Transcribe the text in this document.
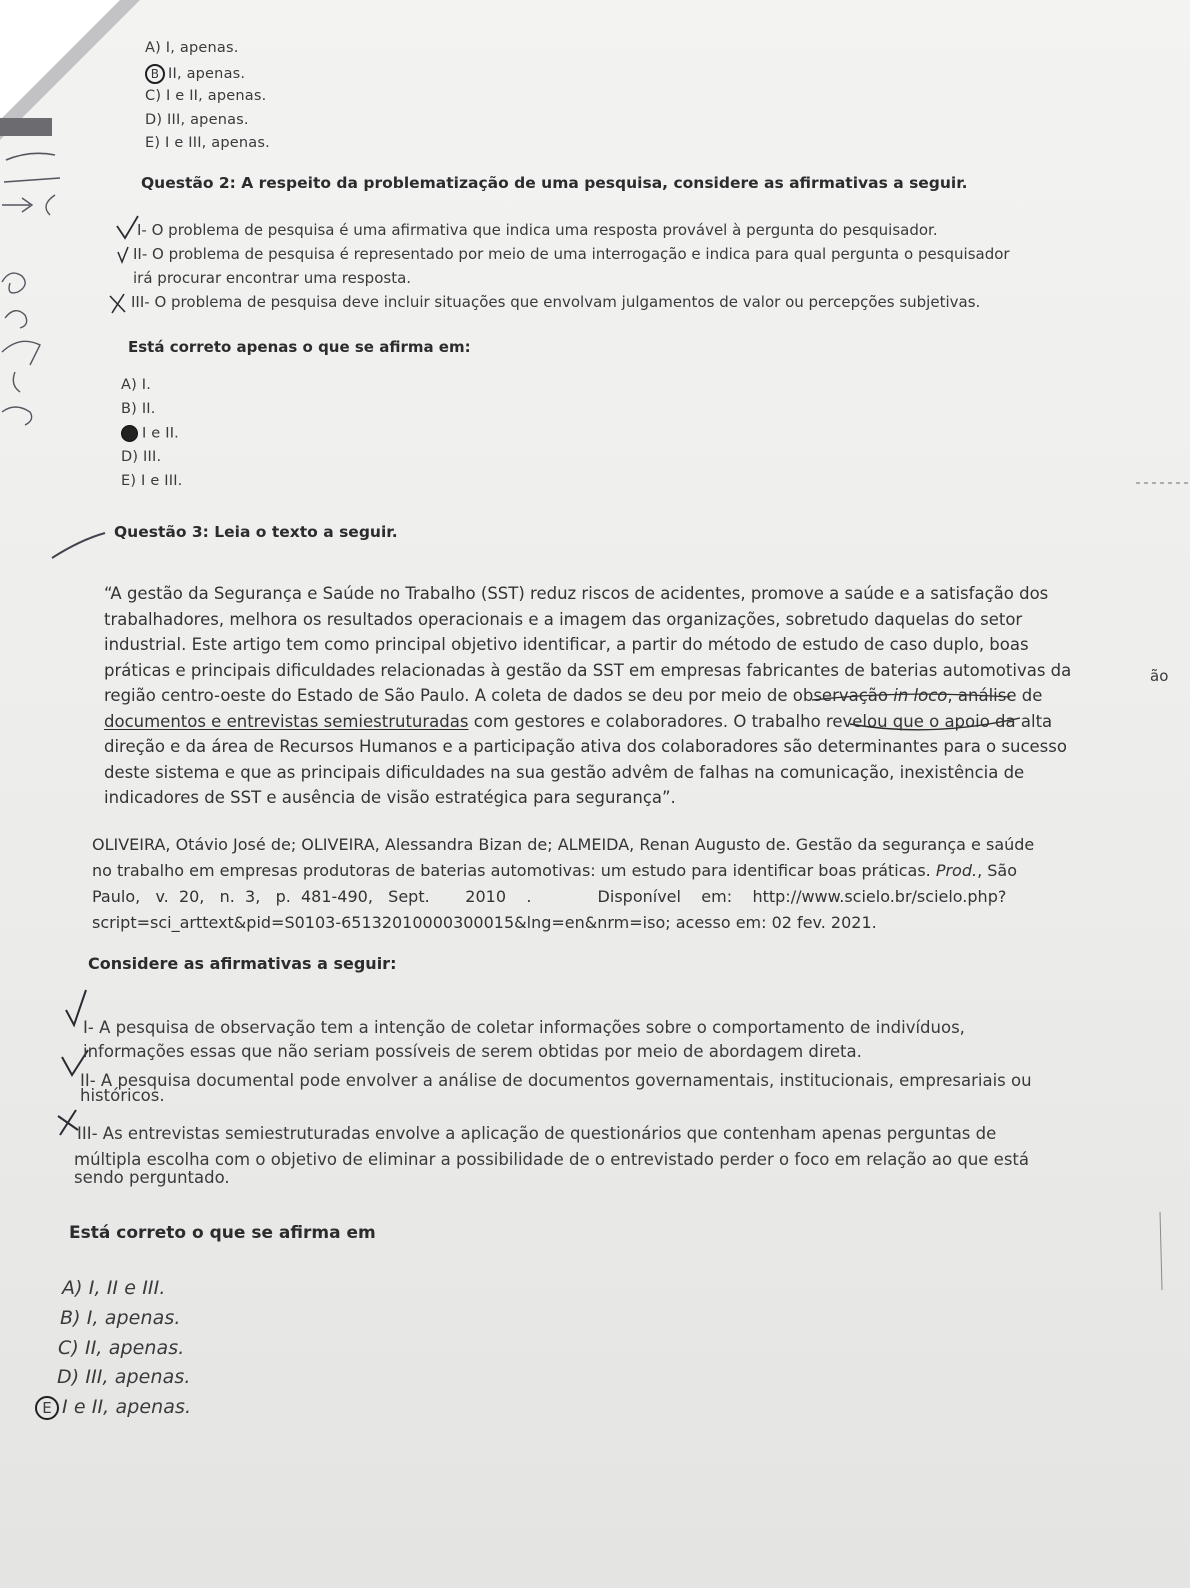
A) I, apenas.
B II, apenas.
C) I e II, apenas.
D) III, apenas.
E) I e III, apenas.
Questão 2: A respeito da problematização de uma pesquisa, considere as afirmativas a seguir.
I- O problema de pesquisa é uma afirmativa que indica uma resposta provável à pergunta do pesquisador.
II- O problema de pesquisa é representado por meio de uma interrogação e indica para qual pergunta o pesquisador
irá procurar encontrar uma resposta.
III- O problema de pesquisa deve incluir situações que envolvam julgamentos de valor ou percepções subjetivas.
Está correto apenas o que se afirma em:
A) I.
B) II.
I e II.
D) III.
E) I e III.
Questão 3: Leia o texto a seguir.
“A gestão da Segurança e Saúde no Trabalho (SST) reduz riscos de acidentes, promove a saúde e a satisfação dos
trabalhadores, melhora os resultados operacionais e a imagem das organizações, sobretudo daquelas do setor
industrial. Este artigo tem como principal objetivo identificar, a partir do método de estudo de caso duplo, boas
práticas e principais dificuldades relacionadas à gestão da SST em empresas fabricantes de baterias automotivas da
região centro-oeste do Estado de São Paulo. A coleta de dados se deu por meio de observação in loco, análise de
documentos e entrevistas semiestruturadas com gestores e colaboradores. O trabalho revelou que o apoio da alta
direção e da área de Recursos Humanos e a participação ativa dos colaboradores são determinantes para o sucesso
deste sistema e que as principais dificuldades na sua gestão advêm de falhas na comunicação, inexistência de
indicadores de SST e ausência de visão estratégica para segurança”.
ão
OLIVEIRA, Otávio José de; OLIVEIRA, Alessandra Bizan de; ALMEIDA, Renan Augusto de. Gestão da segurança e saúde
no trabalho em empresas produtoras de baterias automotivas: um estudo para identificar boas práticas. Prod., São
Paulo,   v.  20,   n.  3,   p.  481-490,   Sept.       2010    .             Disponível    em:    http://www.scielo.br/scielo.php?
script=sci_arttext&pid=S0103-65132010000300015&lng=en&nrm=iso; acesso em: 02 fev. 2021.
Considere as afirmativas a seguir:
I- A pesquisa de observação tem a intenção de coletar informações sobre o comportamento de indivíduos,
informações essas que não seriam possíveis de serem obtidas por meio de abordagem direta.
II- A pesquisa documental pode envolver a análise de documentos governamentais, institucionais, empresariais ou
históricos.
III- As entrevistas semiestruturadas envolve a aplicação de questionários que contenham apenas perguntas de
múltipla escolha com o objetivo de eliminar a possibilidade de o entrevistado perder o foco em relação ao que está
sendo perguntado.
Está correto o que se afirma em
A) I, II e III.
B) I, apenas.
C) II, apenas.
D) III, apenas.
E I e II, apenas.
